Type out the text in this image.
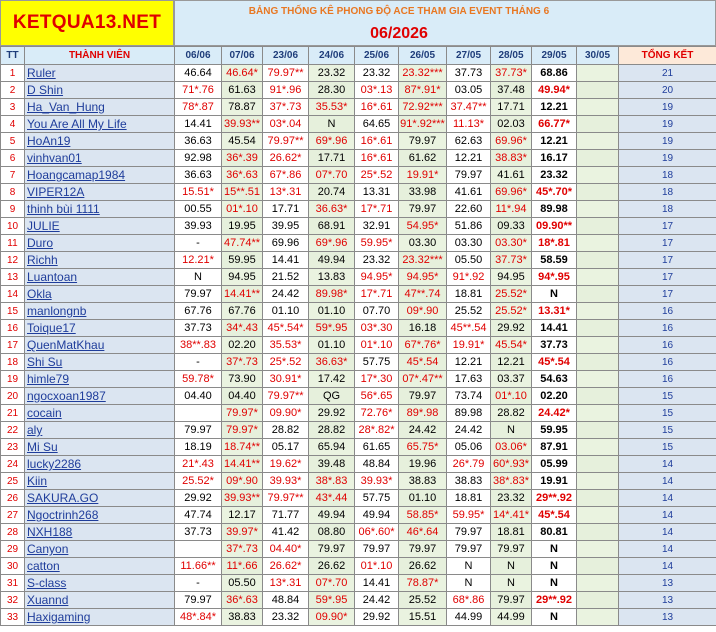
KETQUA13.NET
BẢNG THỐNG KÊ PHONG ĐỘ ACE THAM GIA EVENT THÁNG 6
06/2026
TT	THÀNH VIÊN	06/06	07/06	23/06	24/06	25/06	26/05	27/05	28/05	29/05	30/05	TỔNG KẾT
1	Ruler	46.64	46.64*	79.97**	23.32	23.32	23.32***	37.73	37.73*	68.86		21
2	D Shin	71*.76	61.63	91*.96	28.30	03*.13	87*.91*	03.05	37.48	49.94*		20
3	Ha_Van_Hung	78*.87	78.87	37*.73	35.53*	16*.61	72.92***	37.47**	17.71	12.21		19
4	You Are All My Life	14.41	39.93**	03*.04	N	64.65	91*.92***	11.13*	02.03	66.77*		19
5	HoAn19	36.63	45.54	79.97**	69*.96	16*.61	79.97	62.63	69.96*	12.21		19
6	vinhvan01	92.98	36*.39	26.62*	17.71	16*.61	61.62	12.21	38.83*	16.17		19
7	Hoangcamap1984	36.63	36*.63	67*.86	07*.70	25*.52	19.91*	79.97	41.61	23.32		18
8	VIPER12A	15.51*	15**.51	13*.31	20.74	13.31	33.98	41.61	69.96*	45*.70*		18
9	thinh bùi 1111	00.55	01*.10	17.71	36.63*	17*.71	79.97	22.60	11*.94	89.98		18
10	JULIE	39.93	19.95	39.95	68.91	32.91	54.95*	51.86	09.33	09.90**		17
11	Duro	-	47.74**	69.96	69*.96	59.95*	03.30	03.30	03.30*	18*.81		17
12	Richh	12.21*	59.95	14.41	49.94	23.32	23.32***	05.50	37.73*	58.59		17
13	Luantoan	N	94.95	21.52	13.83	94.95*	94.95*	91*.92	94.95	94*.95		17
14	Okla	79.97	14.41**	24.42	89.98*	17*.71	47**.74	18.81	25.52*	N		17
15	manlongnb	67.76	67.76	01.10	01.10	07.70	09*.90	25.52	25.52*	13.31*		16
16	Toique17	37.73	34*.43	45*.54*	59*.95	03*.30	16.18	45**.54	29.92	14.41		16
17	QuenMatKhau	38**.83	02.20	35.53*	01.10	01*.10	67*.76*	19.91*	45.54*	37.73		16
18	Shi Su	-	37*.73	25*.52	36.63*	57.75	45*.54	12.21	12.21	45*.54		16
19	himle79	59.78*	73.90	30.91*	17.42	17*.30	07*.47**	17.63	03.37	54.63		16
20	ngocxoan1987	04.40	04.40	79.97**	QG	56*.65	79.97	73.74	01*.10	02.20		15
21	cocain		79.97*	09.90*	29.92	72.76*	89*.98	89.98	28.82	24.42*		15
22	aly	79.97	79.97*	28.82	28.82	28*.82*	24.42	24.42	N	59.95		15
23	Mi Su	18.19	18.74**	05.17	65.94	61.65	65.75*	05.06	03.06*	87.91		15
24	lucky2286	21*.43	14.41**	19.62*	39.48	48.84	19.96	26*.79	60*.93*	05.99		14
25	Kiin	25.52*	09*.90	39.93*	38*.83	39.93*	38.83	38.83	38*.83*	19.91		14
26	SAKURA.GO	29.92	39.93**	79.97**	43*.44	57.75	01.10	18.81	23.32	29**.92		14
27	Ngoctrinh268	47.74	12.17	71.77	49.94	49.94	58.85*	59.95*	14*.41*	45*.54		14
28	NXH188	37.73	39.97*	41.42	08.80	06*.60*	46*.64	79.97	18.81	80.81		14
29	Canyon		37*.73	04.40*	79.97	79.97	79.97	79.97	79.97	N		14
30	catton	11.66**	11*.66	26.62*	26.62	01*.10	26.62	N	N	N		14
31	S-class	-	05.50	13*.31	07*.70	14.41	78.87*	N	N	N		13
32	Xuannd	79.97	36*.63	48.84	59*.95	24.42	25.52	68*.86	79.97	29**.92		13
33	Haxigaming	48*.84*	38.83	23.32	09.90*	29.92	15.51	44.99	44.99	N		13
